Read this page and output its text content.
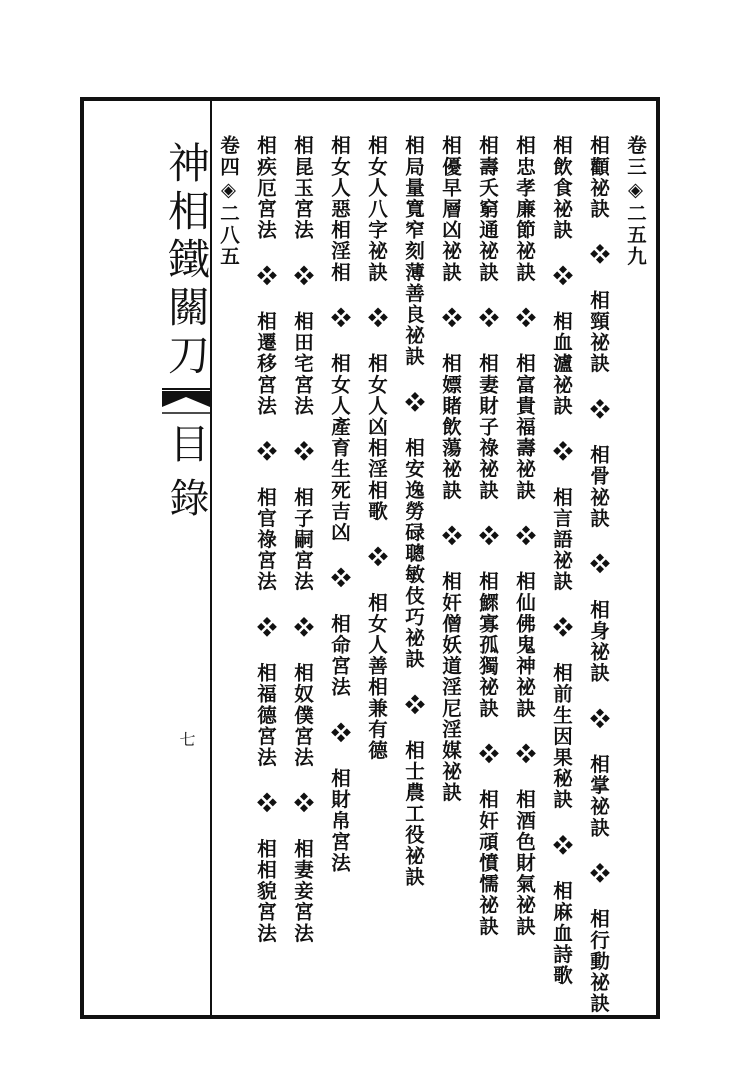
卷三◈二五九
相顴祕訣 ❖ 相頸祕訣 ❖ 相骨祕訣 ❖ 相身祕訣 ❖ 相掌祕訣 ❖ 相行動祕訣
相飲食祕訣 ❖ 相血瀘祕訣 ❖ 相言語祕訣 ❖ 相前生因果秘訣 ❖ 相麻血詩歌
相忠孝廉節祕訣 ❖ 相富貴福壽祕訣 ❖ 相仙佛鬼神祕訣 ❖ 相酒色財氣祕訣
相壽夭窮通祕訣 ❖ 相妻財子祿祕訣 ❖ 相鰥寡孤獨祕訣 ❖ 相奸頑憤懦祕訣
相優早層凶祕訣 ❖ 相嫖賭飲蕩祕訣 ❖ 相奸僧妖道淫尼淫媒祕訣
相局量寬窄刻薄善良祕訣 ❖ 相安逸勞碌聰敏伎巧祕訣 ❖ 相士農工役祕訣
相女人八字祕訣 ❖ 相女人凶相淫相歌 ❖ 相女人善相兼有德
相女人惡相淫相 ❖ 相女人產育生死吉凶 ❖ 相命宮法 ❖ 相財帛宮法
相昆玉宮法 ❖ 相田宅宮法 ❖ 相子嗣宮法 ❖ 相奴僕宮法 ❖ 相妻妾宮法
相疾厄宮法 ❖ 相遷移宮法 ❖ 相官祿宮法 ❖ 相福德宮法 ❖ 相相貌宮法
卷四◈二八五
神相鐵關刀
目錄
七
